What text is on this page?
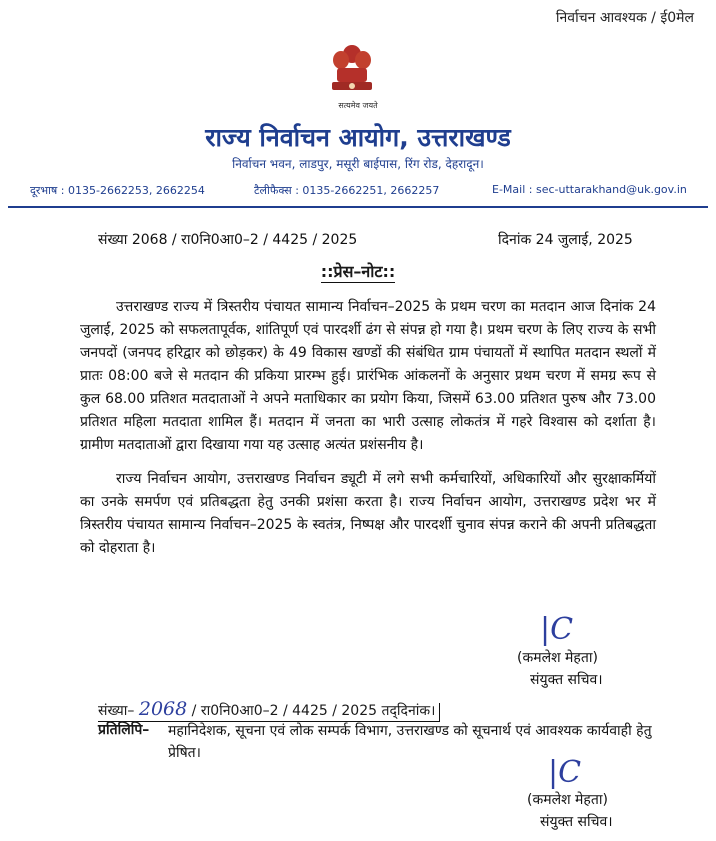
निर्वाचन आवश्यक / ई0मेल
सत्यमेव जयते
राज्य निर्वाचन आयोग, उत्तराखण्ड
निर्वाचन भवन, लाडपुर, मसूरी बाईपास, रिंग रोड, देहरादून।
दूरभाष : 0135-2662253, 2662254	टैलीफैक्स : 0135-2662251, 2662257	E-Mail : sec-uttarakhand@uk.gov.in
संख्या 2068 / रा0नि0आ0–2 / 4425 / 2025	दिनांक 24 जुलाई, 2025
::प्रेस–नोट::

उत्तराखण्ड राज्य में त्रिस्तरीय पंचायत सामान्य निर्वाचन–2025 के प्रथम चरण का मतदान आज दिनांक 24 जुलाई, 2025 को सफलतापूर्वक, शांतिपूर्ण एवं पारदर्शी ढंग से संपन्न हो गया है। प्रथम चरण के लिए राज्य के सभी जनपदों (जनपद हरिद्वार को छोड़कर) के 49 विकास खण्डों की संबंधित ग्राम पंचायतों में स्थापित मतदान स्थलों में प्रातः 08:00 बजे से मतदान की प्रकिया प्रारम्भ हुई। प्रारंभिक आंकलनों के अनुसार प्रथम चरण में समग्र रूप से कुल 68.00 प्रतिशत मतदाताओं ने अपने मताधिकार का प्रयोग किया, जिसमें 63.00 प्रतिशत पुरुष और 73.00 प्रतिशत महिला मतदाता शामिल हैं। मतदान में जनता का भारी उत्साह लोकतंत्र में गहरे विश्वास को दर्शाता है। ग्रामीण मतदाताओं द्वारा दिखाया गया यह उत्साह अत्यंत प्रशंसनीय है।

राज्य निर्वाचन आयोग, उत्तराखण्ड निर्वाचन ड्यूटी में लगे सभी कर्मचारियों, अधिकारियों और सुरक्षाकर्मियों का उनके समर्पण एवं प्रतिबद्धता हेतु उनकी प्रशंसा करता है। राज्य निर्वाचन आयोग, उत्तराखण्ड प्रदेश भर में त्रिस्तरीय पंचायत सामान्य निर्वाचन–2025 के स्वतंत्र, निष्पक्ष और पारदर्शी चुनाव संपन्न कराने की अपनी प्रतिबद्धता को दोहराता है।

|C
(कमलेश मेहता)
संयुक्त सचिव।
संख्या– 2068 / रा0नि0आ0–2 / 4425 / 2025 तद्‌दिनांक।
प्रतिलिपि– महानिदेशक, सूचना एवं लोक सम्पर्क विभाग, उत्तराखण्ड को सूचनार्थ एवं आवश्यक कार्यवाही हेतु प्रेषित।
|C
(कमलेश मेहता)
संयुक्त सचिव।
